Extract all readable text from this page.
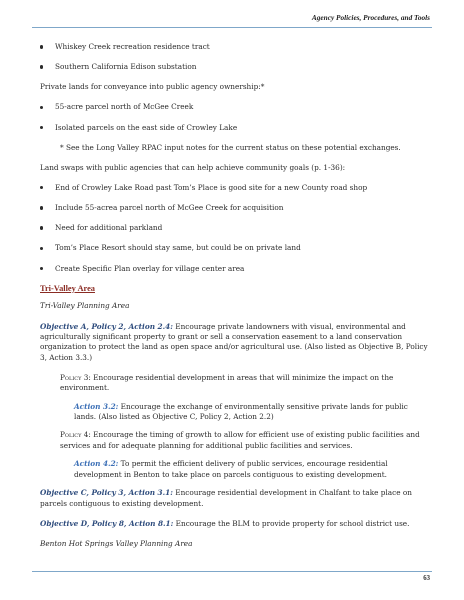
Agency Policies, Procedures, and Tools
Whiskey Creek recreation residence tract
Southern California Edison substation

Private lands for conveyance into public agency ownership:*

55-acre parcel north of McGee Creek
Isolated parcels on the east side of Crowley Lake

* See the Long Valley RPAC input notes for the current status on these potential exchanges.

Land swaps with public agencies that can help achieve community goals (p. 1-36):

End of Crowley Lake Road past Tom’s Place is good site for a new County road shop
Include 55-acrea parcel north of McGee Creek for acquisition
Need for additional parkland
Tom’s Place Resort should stay same, but could be on private land
Create Specific Plan overlay for village center area
Tri-Valley Area
Tri-Valley Planning Area

Objective A, Policy 2, Action 2.4: Encourage private landowners with visual, environmental and agriculturally significant property to grant or sell a conservation easement to a land conservation organization to protect the land as open space and/or agricultural use. (Also listed as Objective B, Policy 3, Action 3.3.)

Policy 3: Encourage residential development in areas that will minimize the impact on the environment.

Action 3.2: Encourage the exchange of environmentally sensitive private lands for public lands. (Also listed as Objective C, Policy 2, Action 2.2)

Policy 4: Encourage the timing of growth to allow for efficient use of existing public facilities and services and for adequate planning for additional public facilities and services.

Action 4.2: To permit the efficient delivery of public services, encourage residential development in Benton to take place on parcels contiguous to existing development.

Objective C, Policy 3, Action 3.1: Encourage residential development in Chalfant to take place on parcels contiguous to existing development.

Objective D, Policy 8, Action 8.1: Encourage the BLM to provide property for school district use.

Benton Hot Springs Valley Planning Area
63
